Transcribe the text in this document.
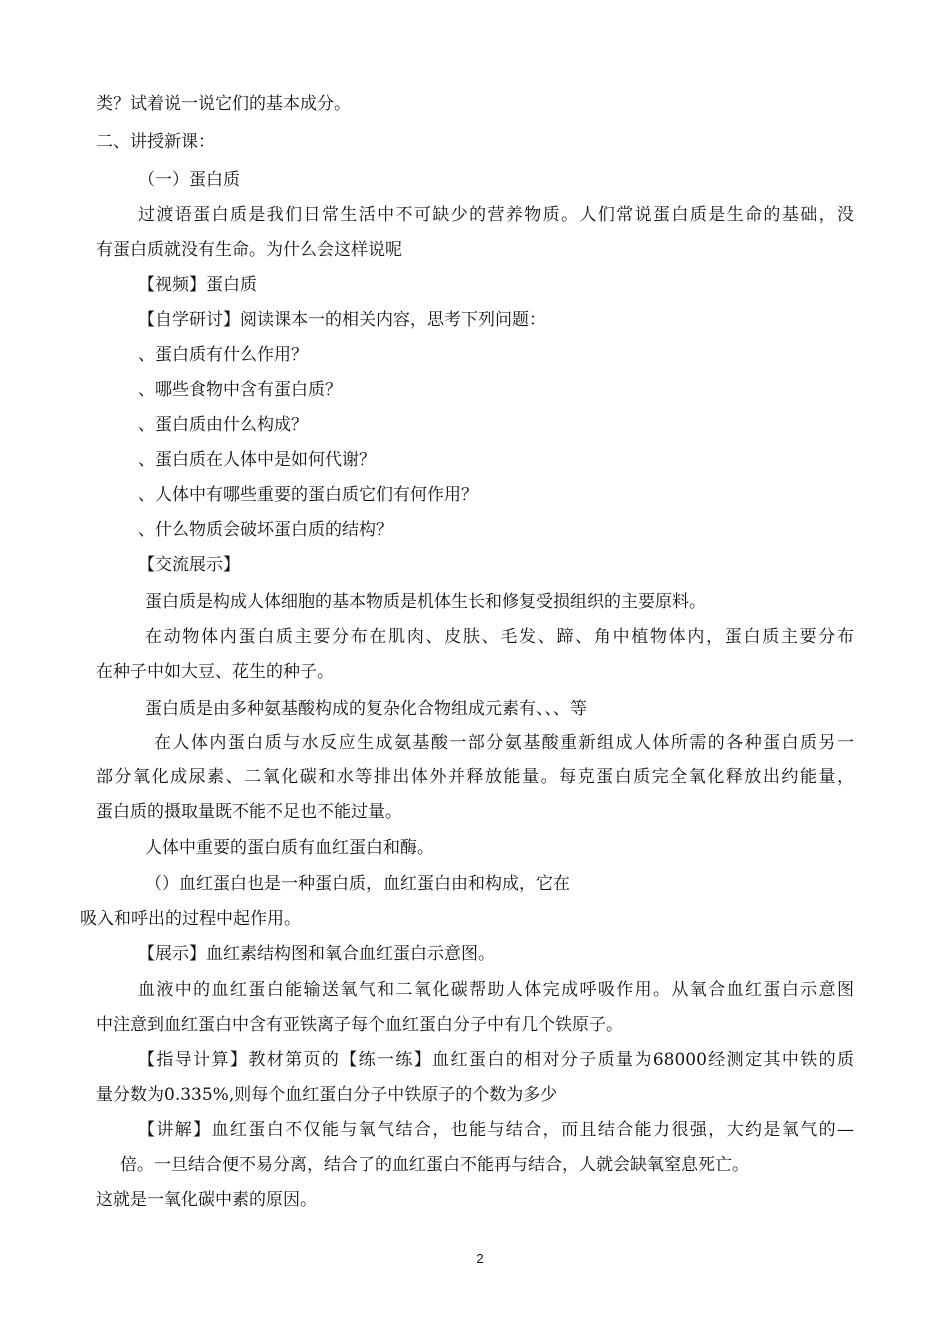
类？试着说一说它们的基本成分。
二、讲授新课：
（一）蛋白质
过渡语蛋白质是我们日常生活中不可缺少的营养物质。人们常说蛋白质是生命的基础，没
有蛋白质就没有生命。为什么会这样说呢
【视频】蛋白质
【自学研讨】阅读课本一的相关内容，思考下列问题：
、蛋白质有什么作用？
、哪些食物中含有蛋白质？
、蛋白质由什么构成？
、蛋白质在人体中是如何代谢？
、人体中有哪些重要的蛋白质它们有何作用？
、什么物质会破坏蛋白质的结构？
【交流展示】
蛋白质是构成人体细胞的基本物质是机体生长和修复受损组织的主要原料。
在动物体内蛋白质主要分布在肌肉、皮肤、毛发、蹄、角中植物体内，蛋白质主要分布
在种子中如大豆、花生的种子。
蛋白质是由多种氨基酸构成的复杂化合物组成元素有、、、等
在人体内蛋白质与水反应生成氨基酸一部分氨基酸重新组成人体所需的各种蛋白质另一
部分氧化成尿素、二氧化碳和水等排出体外并释放能量。每克蛋白质完全氧化释放出约能量，
蛋白质的摄取量既不能不足也不能过量。
人体中重要的蛋白质有血红蛋白和酶。
（）血红蛋白也是一种蛋白质，血红蛋白由和构成，它在
吸入和呼出的过程中起作用。
【展示】血红素结构图和氧合血红蛋白示意图。
血液中的血红蛋白能输送氧气和二氧化碳帮助人体完成呼吸作用。从氧合血红蛋白示意图
中注意到血红蛋白中含有亚铁离子每个血红蛋白分子中有几个铁原子。
【指导计算】教材第页的【练一练】血红蛋白的相对分子质量为68000经测定其中铁的质
量分数为0.335%,则每个血红蛋白分子中铁原子的个数为多少
【讲解】血红蛋白不仅能与氧气结合，也能与结合，而且结合能力很强，大约是氧气的—
倍。一旦结合便不易分离，结合了的血红蛋白不能再与结合，人就会缺氧窒息死亡。
这就是一氧化碳中素的原因。
2
